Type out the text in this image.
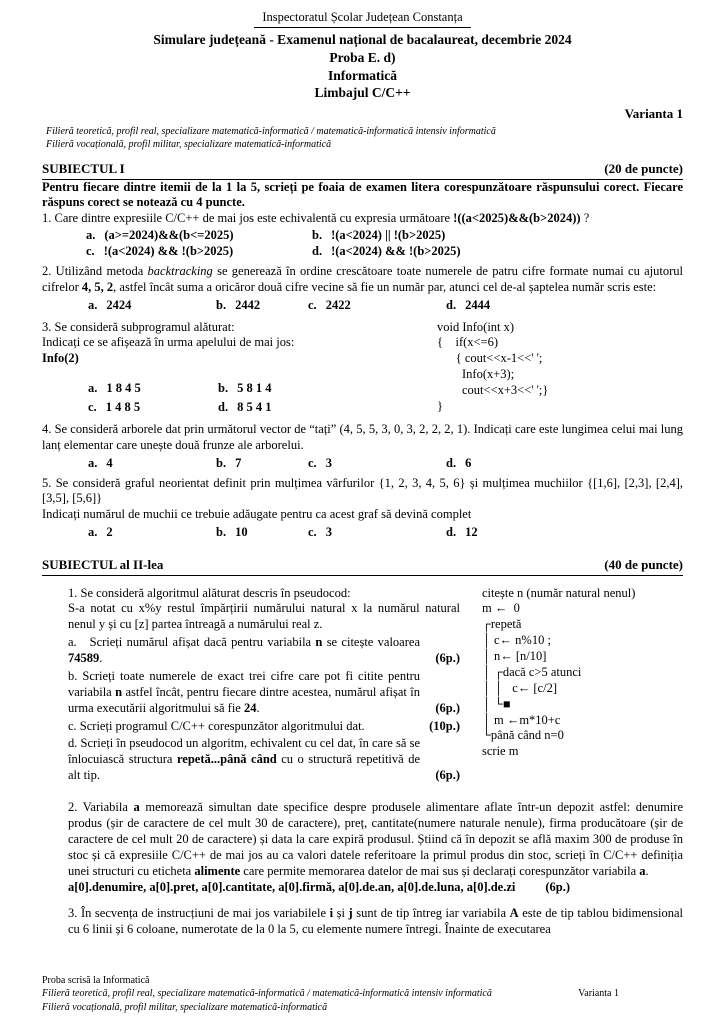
Inspectoratul Școlar Județean Constanța
Simulare județeană - Examenul național de bacalaureat, decembrie 2024
Proba E. d)
Informatică
Limbajul C/C++
Varianta 1
Filieră teoretică, profil real, specializare matematică-informatică / matematică-informatică intensiv informatică
Filieră vocațională, profil militar, specializare matematică-informatică
SUBIECTUL I	(20 de puncte)
Pentru fiecare dintre itemii de la 1 la 5, scrieți pe foaia de examen litera corespunzătoare răspunsului corect. Fiecare răspuns corect se notează cu 4 puncte.
1. Care dintre expresiile C/C++ de mai jos este echivalentă cu expresia următoare !((a<2025)&&(b>2024)) ?
a. (a>=2024)&&(b<=2025)	b. !(a<2024) || !(b>2025)
c. !(a<2024) && !(b>2025)	d. !(a<2024) && !(b>2025)
2. Utilizând metoda backtracking se generează în ordine crescătoare toate numerele de patru cifre formate numai cu ajutorul cifrelor 4, 5, 2, astfel încât suma a oricăror două cifre vecine să fie un număr par, atunci cel de-al șaptelea număr scris este:
a. 2424	b. 2442	c. 2422	d. 2444
3. Se consideră subprogramul alăturat:
Indicați ce se afișează în urma apelului de mai jos:
Info(2)
a. 1 8 4 5	b. 5 8 1 4
c. 1 4 8 5	d. 8 5 4 1
void Info(int x)
{    if(x<=6)
{ cout<<x-1<<' ';
Info(x+3);
cout<<x+3<<' ';}
}
4. Se consideră arborele dat prin următorul vector de “tați” (4, 5, 5, 3, 0, 3, 2, 2, 2, 1). Indicați care este lungimea celui mai lung lanț elementar care unește două frunze ale arborelui.
a. 4	b. 7	c. 3	d. 6
5. Se consideră graful neorientat definit prin mulțimea vârfurilor {1, 2, 3, 4, 5, 6} și mulțimea muchiilor {[1,6], [2,3], [2,4], [3,5], [5,6]}
Indicați numărul de muchii ce trebuie adăugate pentru ca acest graf să devină complet
a. 2	b. 10	c. 3	d. 12
SUBIECTUL al II-lea	(40 de puncte)
1. Se consideră algoritmul alăturat descris în pseudocod:
S-a notat cu x%y restul împărțirii numărului natural x la numărul natural nenul y și cu [z] partea întreagă a numărului real z.
a.   Scrieți numărul afișat dacă pentru variabila n se citește valoarea 74589.	(6p.)
b. Scrieți toate numerele de exact trei cifre care pot fi citite pentru variabila n astfel încât, pentru fiecare dintre acestea, numărul afișat în urma executării algoritmului să fie 24.	(6p.)
c. Scrieți programul C/C++ corespunzător algoritmului dat.	(10p.)
d. Scrieți în pseudocod un algoritm, echivalent cu cel dat, în care să se înlocuiască structura repetă...până când cu o structură repetitivă de alt tip.	(6p.)
citește n (număr natural nenul)
m ←  0
┌repetă
│ c← n%10 ;
│ n← [n/10]
│ ┌dacă c>5 atunci
│ │   c← [c/2]
│ └■
│ m ←m*10+c
└până când n=0
scrie m
2. Variabila a memorează simultan date specifice despre produsele alimentare aflate într-un depozit astfel: denumire produs (șir de caractere de cel mult 30 de caractere), preț, cantitate(numere naturale nenule), firma producătoare (șir de caractere de cel mult 20 de caractere) și data la care expiră produsul. Știind că în depozit se află maxim 300 de produse în stoc și că expresiile C/C++ de mai jos au ca valori datele referitoare la primul produs din stoc, scrieți în C/C++ definiția unei structuri cu eticheta alimente care permite memorarea datelor de mai sus și declarați corespunzător variabila a.
a[0].denumire, a[0].pret, a[0].cantitate, a[0].firmă, a[0].de.an, a[0].de.luna, a[0].de.zi (6p.)
3. În secvența de instrucțiuni de mai jos variabilele i și j sunt de tip întreg iar variabila A este de tip tablou bidimensional cu 6 linii și 6 coloane, numerotate de la 0 la 5, cu elemente numere întregi. Înainte de executarea
Proba scrisă la Informatică
Filieră teoretică, profil real, specializare matematică-informatică / matematică-informatică intensiv informatică	Varianta 1
Filieră vocațională, profil militar, specializare matematică-informatică
